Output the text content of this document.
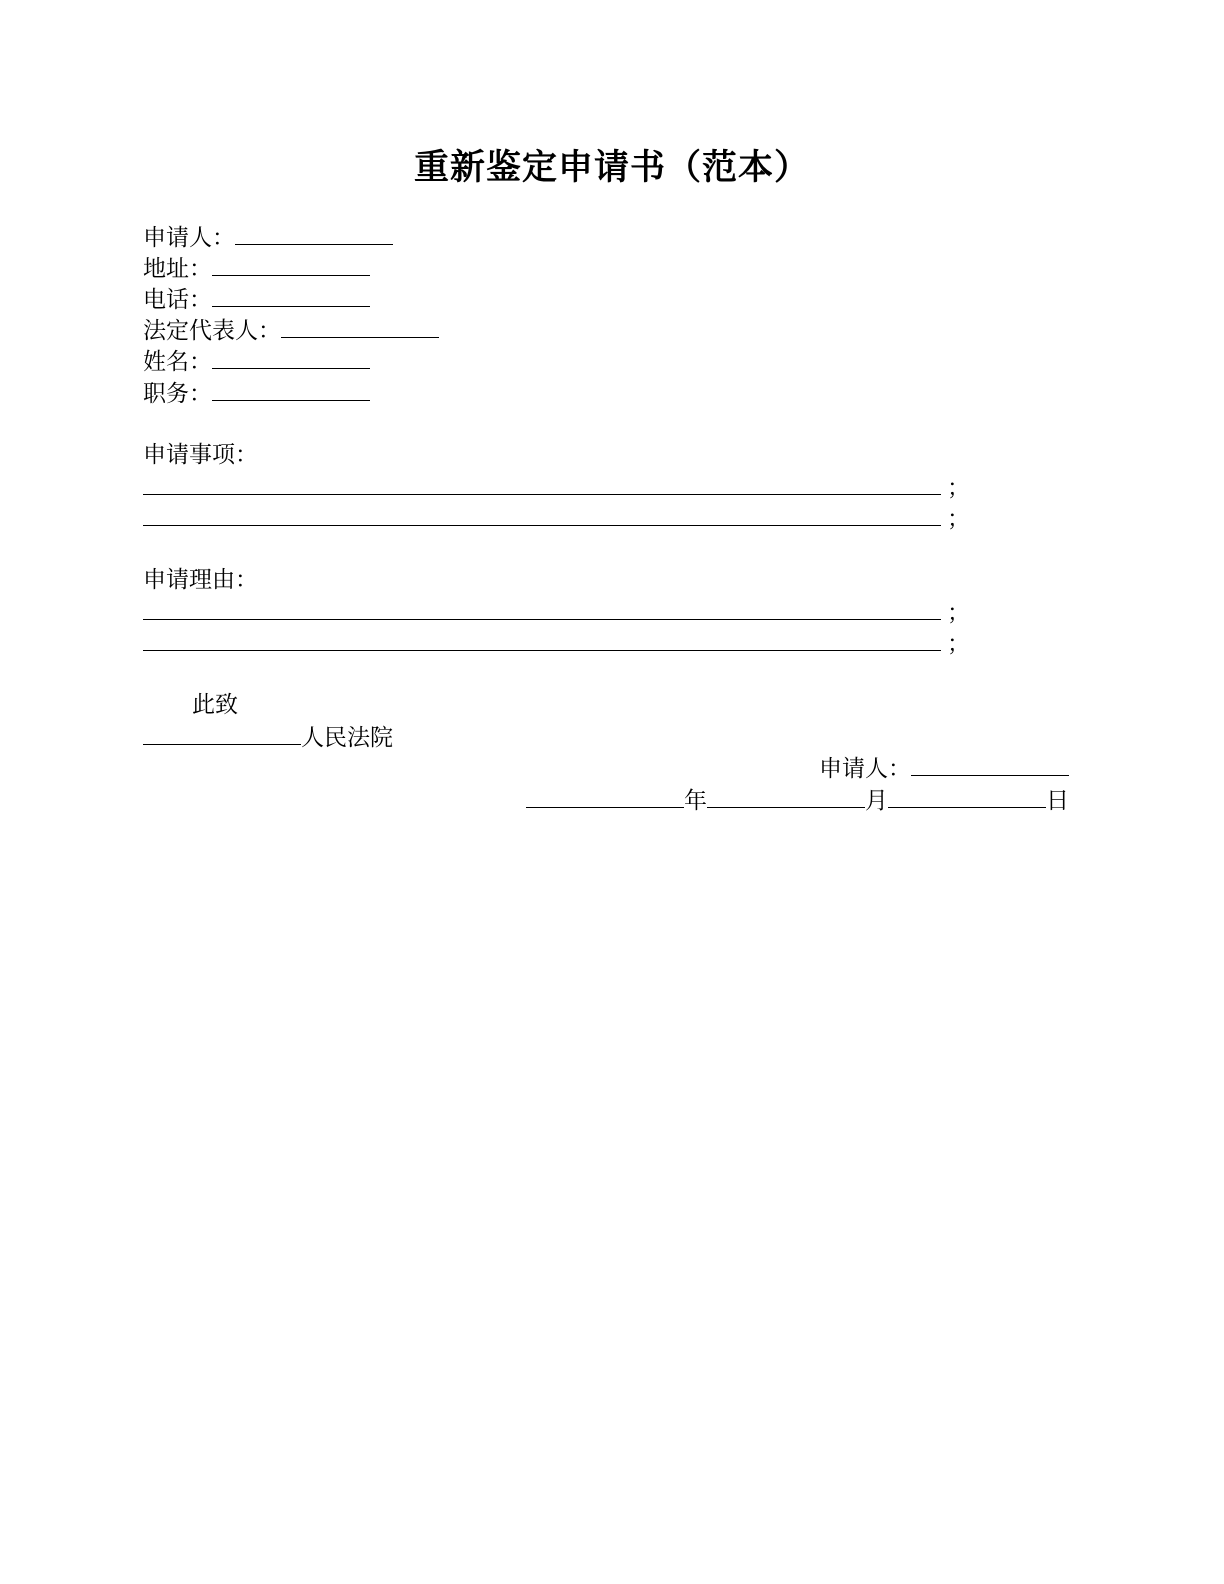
重新鉴定申请书（范本）
申请人：
地址：
电话：
法定代表人：
姓名：
职务：
申请事项：
；
；
申请理由：
；
；
此致
人民法院
申请人：
年	月	日
